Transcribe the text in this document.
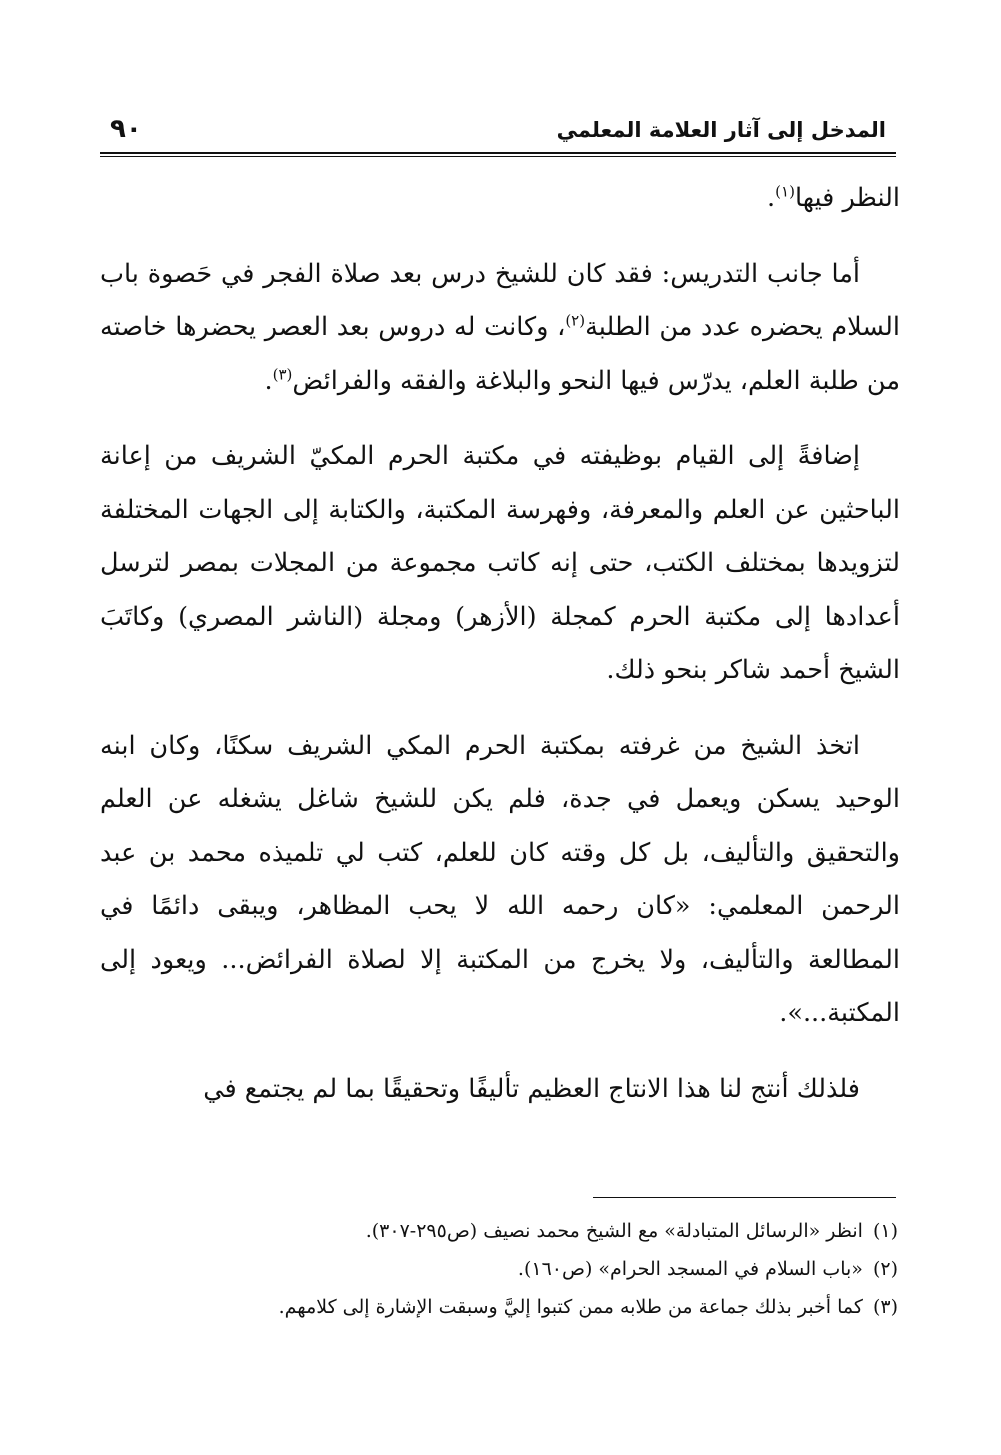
المدخل إلى آثار العلامة المعلمي
٩٠

النظر فيها$^{(١)}$.

أما جانب التدريس: فقد كان للشيخ درس بعد صلاة الفجر في حَصوة باب السلام يحضره عدد من الطلبة$^{(٢)}$، وكانت له دروس بعد العصر يحضرها خاصته من طلبة العلم، يدرّس فيها النحو والبلاغة والفقه والفرائض$^{(٣)}$.

إضافةً إلى القيام بوظيفته في مكتبة الحرم المكيّ الشريف من إعانة الباحثين عن العلم والمعرفة، وفهرسة المكتبة، والكتابة إلى الجهات المختلفة لتزويدها بمختلف الكتب، حتى إنه كاتب مجموعة من المجلات بمصر لترسل أعدادها إلى مكتبة الحرم كمجلة (الأزهر) ومجلة (الناشر المصري) وكاتَبَ الشيخ أحمد شاكر بنحو ذلك.

اتخذ الشيخ من غرفته بمكتبة الحرم المكي الشريف سكنًا، وكان ابنه الوحيد يسكن ويعمل في جدة، فلم يكن للشيخ شاغل يشغله عن العلم والتحقيق والتأليف، بل كل وقته كان للعلم، كتب لي تلميذه محمد بن عبد الرحمن المعلمي: «كان رحمه الله لا يحب المظاهر، ويبقى دائمًا في المطالعة والتأليف، ولا يخرج من المكتبة إلا لصلاة الفرائض... ويعود إلى المكتبة...».

فلذلك أنتج لنا هذا الانتاج العظيم تأليفًا وتحقيقًا بما لم يجتمع في

(١)انظر «الرسائل المتبادلة» مع الشيخ محمد نصيف (ص٢٩٥-٣٠٧).
(٢)«باب السلام في المسجد الحرام» (ص١٦٠).
(٣)كما أخبر بذلك جماعة من طلابه ممن كتبوا إليَّ وسبقت الإشارة إلى كلامهم.
